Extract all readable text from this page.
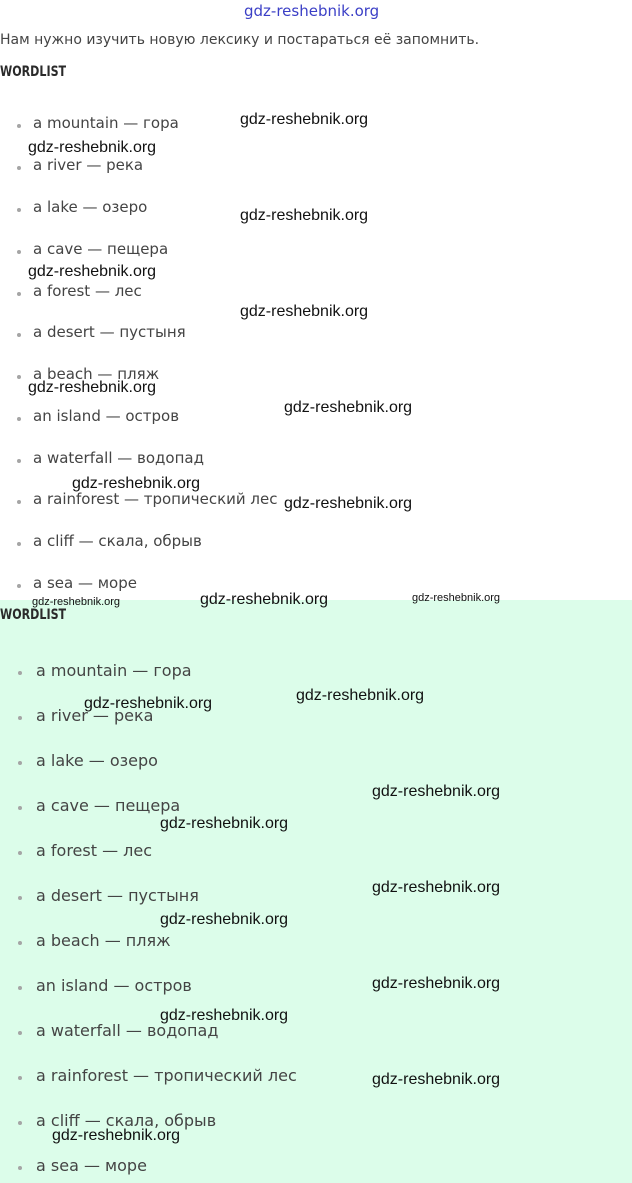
gdz-reshebnik.org
Нам нужно изучить новую лексику и постараться её запомнить.
WORDLIST
a mountain — гора
a river — река
a lake — озеро
a cave — пещера
a forest — лес
a desert — пустыня
a beach — пляж
an island — остров
a waterfall — водопад
a rainforest — тропический лес
a cliff — скала, обрыв
a sea — море
WORDLIST
a mountain — гора
a river — река
a lake — озеро
a cave — пещера
a forest — лес
a desert — пустыня
a beach — пляж
an island — остров
a waterfall — водопад
a rainforest — тропический лес
a cliff — скала, обрыв
a sea — море
gdz-reshebnik.org
gdz-reshebnik.org
gdz-reshebnik.org
gdz-reshebnik.org
gdz-reshebnik.org
gdz-reshebnik.org
gdz-reshebnik.org
gdz-reshebnik.org
gdz-reshebnik.org
gdz-reshebnik.org	gdz-reshebnik.org	gdz-reshebnik.org
gdz-reshebnik.org
gdz-reshebnik.org
gdz-reshebnik.org
gdz-reshebnik.org
gdz-reshebnik.org
gdz-reshebnik.org
gdz-reshebnik.org
gdz-reshebnik.org
gdz-reshebnik.org
gdz-reshebnik.org
